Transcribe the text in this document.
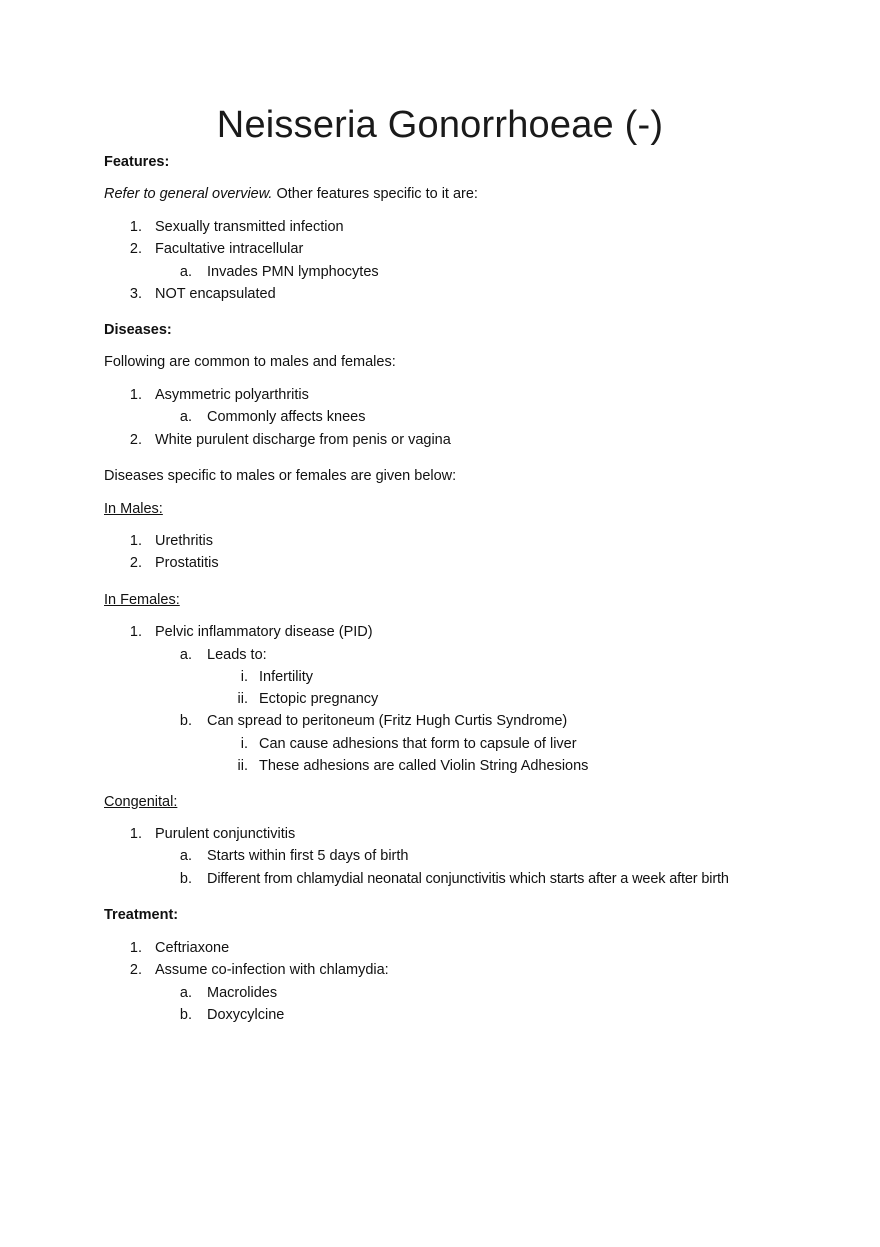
Neisseria Gonorrhoeae (-)
Features:
Refer to general overview. Other features specific to it are:
1. Sexually transmitted infection
2. Facultative intracellular
a. Invades PMN lymphocytes
3. NOT encapsulated
Diseases:
Following are common to males and females:
1. Asymmetric polyarthritis
a. Commonly affects knees
2. White purulent discharge from penis or vagina
Diseases specific to males or females are given below:
In Males:
1. Urethritis
2. Prostatitis
In Females:
1. Pelvic inflammatory disease (PID)
a. Leads to:
i. Infertility
ii. Ectopic pregnancy
b. Can spread to peritoneum (Fritz Hugh Curtis Syndrome)
i. Can cause adhesions that form to capsule of liver
ii. These adhesions are called Violin String Adhesions
Congenital:
1. Purulent conjunctivitis
a. Starts within first 5 days of birth
b. Different from chlamydial neonatal conjunctivitis which starts after a week after birth
Treatment:
1. Ceftriaxone
2. Assume co-infection with chlamydia:
a. Macrolides
b. Doxycylcine
